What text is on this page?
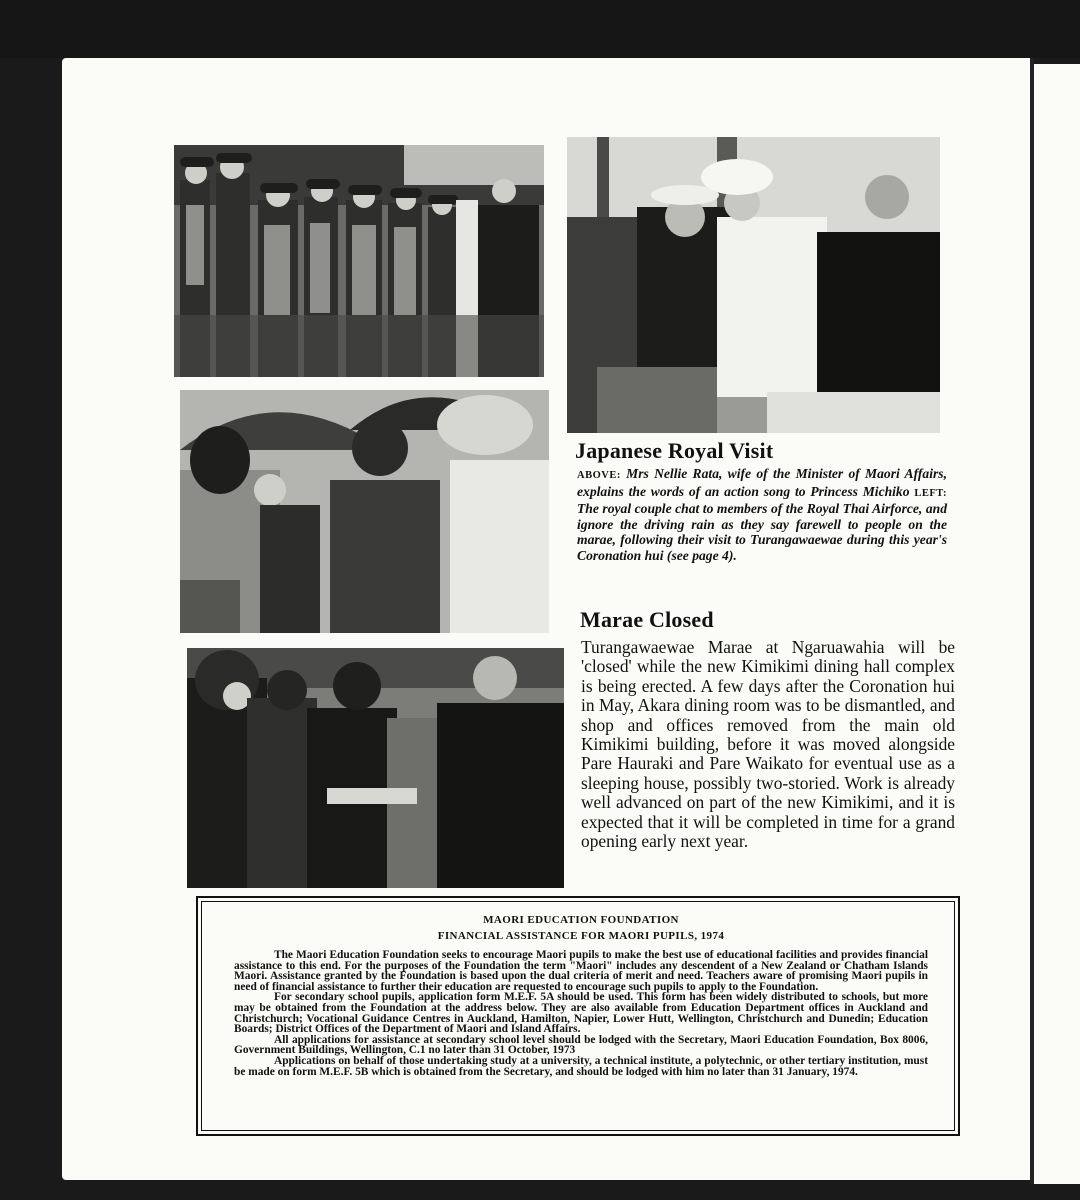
Japanese Royal Visit
ABOVE: Mrs Nellie Rata, wife of the Minister of Maori Affairs, explains the words of an action song to Princess Michiko LEFT: The royal couple chat to members of the Royal Thai Airforce, and ignore the driving rain as they say farewell to people on the marae, following their visit to Turangawaewae during this year's Coronation hui (see page 4).
Marae Closed
Turangawaewae Marae at Ngaruawahia will be 'closed' while the new Kimikimi dining hall complex is being erected. A few days after the Coronation hui in May, Akara dining room was to be dismantled, and shop and offices removed from the main old Kimikimi building, before it was moved alongside Pare Hauraki and Pare Waikato for eventual use as a sleeping house, possibly two-storied. Work is already well advanced on part of the new Kimikimi, and it is expected that it will be completed in time for a grand opening early next year.
MAORI EDUCATION FOUNDATION
FINANCIAL ASSISTANCE FOR MAORI PUPILS, 1974

The Maori Education Foundation seeks to encourage Maori pupils to make the best use of educational facilities and provides financial assistance to this end. For the purposes of the Foundation the term "Maori" includes any descendent of a New Zealand or Chatham Islands Maori. Assistance granted by the Foundation is based upon the dual criteria of merit and need. Teachers aware of promising Maori pupils in need of financial assistance to further their education are requested to encourage such pupils to apply to the Foundation.

For secondary school pupils, application form M.E.F. 5A should be used. This form has been widely distributed to schools, but more may be obtained from the Foundation at the address below. They are also available from Education Department offices in Auckland and Christchurch; Vocational Guidance Centres in Auckland, Hamilton, Napier, Lower Hutt, Wellington, Christchurch and Dunedin; Education Boards; District Offices of the Department of Maori and Island Affairs.

All applications for assistance at secondary school level should be lodged with the Secretary, Maori Education Foundation, Box 8006, Government Buildings, Wellington, C.1 no later than 31 October, 1973

Applications on behalf of those undertaking study at a university, a technical institute, a polytechnic, or other tertiary institution, must be made on form M.E.F. 5B which is obtained from the Secretary, and should be lodged with him no later than 31 January, 1974.
